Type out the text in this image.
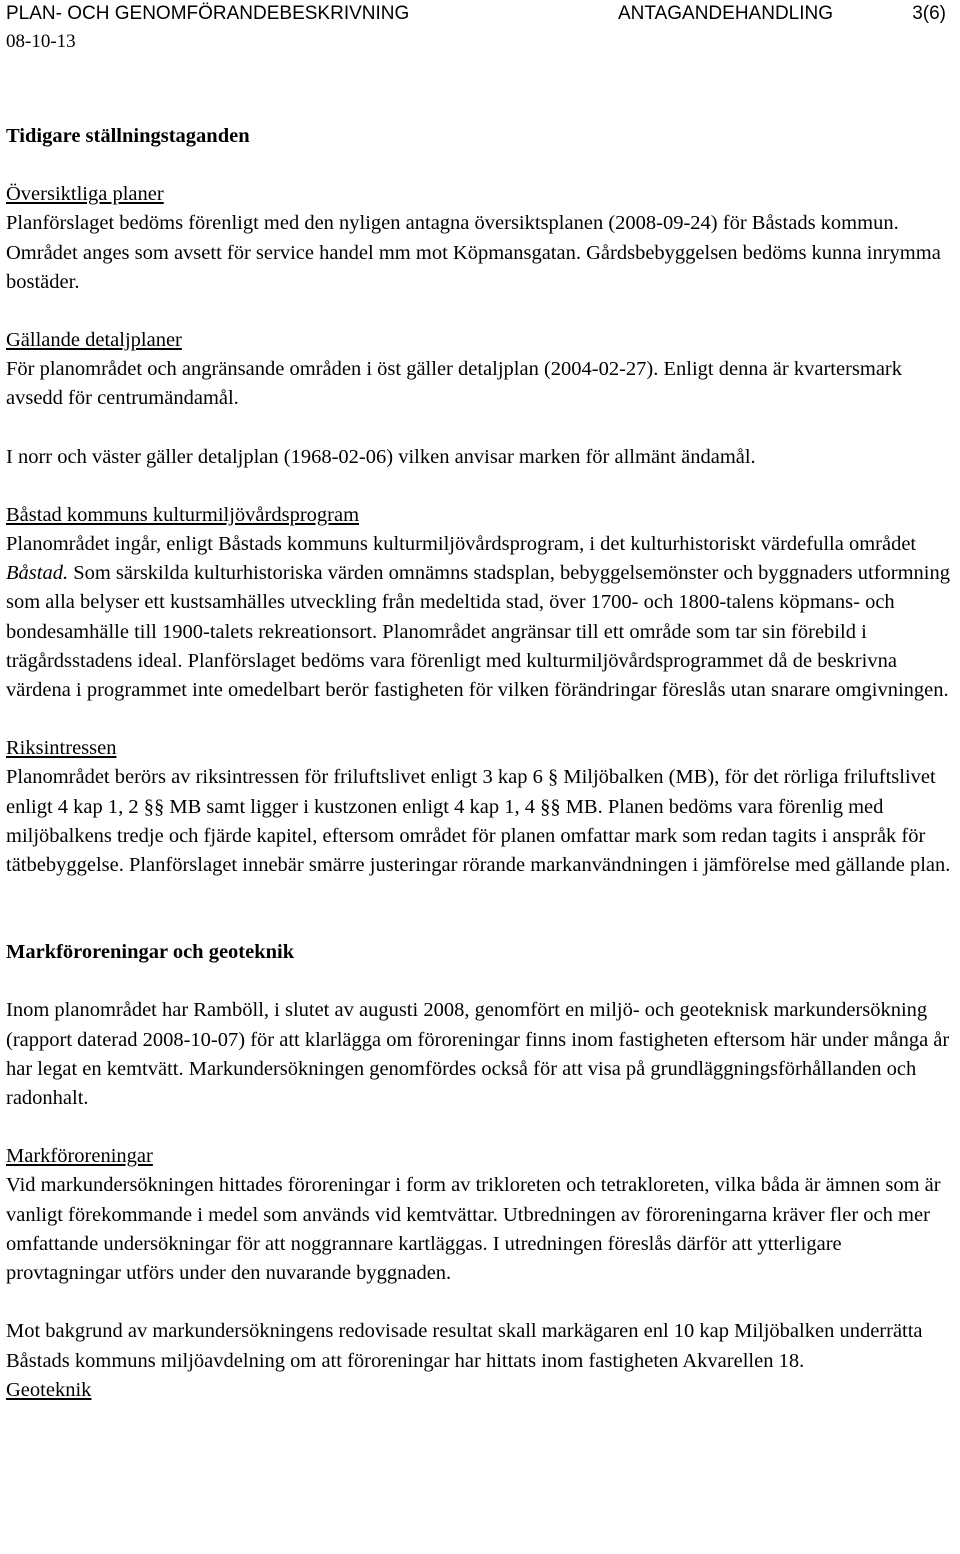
PLAN- OCH GENOMFÖRANDEBESKRIVNING	ANTAGANDEHANDLING	3(6)
08-10-13

Tidigare ställningstaganden

Översiktliga planer

Planförslaget bedöms förenligt med den nyligen antagna översiktsplanen (2008-09-24) för Båstads kommun. Området anges som avsett för service handel mm mot Köpmansgatan. Gårdsbebyggelsen bedöms kunna inrymma bostäder.

Gällande detaljplaner

För planområdet och angränsande områden i öst gäller detaljplan (2004-02-27). Enligt denna är kvartersmark avsedd för centrumändamål.

I norr och väster gäller detaljplan (1968-02-06) vilken anvisar marken för allmänt ändamål.

Båstad kommuns kulturmiljövårdsprogram

Planområdet ingår, enligt Båstads kommuns kulturmiljövårdsprogram, i det kulturhistoriskt värdefulla området Båstad. Som särskilda kulturhistoriska värden omnämns stadsplan, bebyggelsemönster och byggnaders utformning som alla belyser ett kustsamhälles utveckling från medeltida stad, över 1700- och 1800-talens köpmans- och bondesamhälle till 1900-talets rekreationsort. Planområdet angränsar till ett område som tar sin förebild i trägårdsstadens ideal. Planförslaget bedöms vara förenligt med kulturmiljövårdsprogrammet då de beskrivna värdena i programmet inte omedelbart berör fastigheten för vilken förändringar föreslås utan snarare omgivningen.

Riksintressen

Planområdet berörs av riksintressen för friluftslivet enligt 3 kap 6 § Miljöbalken (MB), för det rörliga friluftslivet enligt 4 kap 1, 2 §§ MB samt ligger i kustzonen enligt 4 kap 1, 4 §§ MB. Planen bedöms vara förenlig med miljöbalkens tredje och fjärde kapitel, eftersom området för planen omfattar mark som redan tagits i anspråk för tätbebyggelse. Planförslaget innebär smärre justeringar rörande markanvändningen i jämförelse med gällande plan.

Markföroreningar och geoteknik

Inom planområdet har Ramböll, i slutet av augusti 2008, genomfört en miljö- och geoteknisk markundersökning (rapport daterad 2008-10-07) för att klarlägga om föroreningar finns inom fastigheten eftersom här under många år har legat en kemtvätt. Markundersökningen genomfördes också för att visa på grundläggningsförhållanden och radonhalt.

Markföroreningar

Vid markundersökningen hittades föroreningar i form av trikloreten och tetrakloreten, vilka båda är ämnen som är vanligt förekommande i medel som används vid kemtvättar. Utbredningen av föroreningarna kräver fler och mer omfattande undersökningar för att noggrannare kartläggas. I utredningen föreslås därför att ytterligare provtagningar utförs under den nuvarande byggnaden.

Mot bakgrund av markundersökningens redovisade resultat skall markägaren enl 10 kap Miljöbalken underrätta Båstads kommuns miljöavdelning om att föroreningar har hittats inom fastigheten Akvarellen 18.

Geoteknik
